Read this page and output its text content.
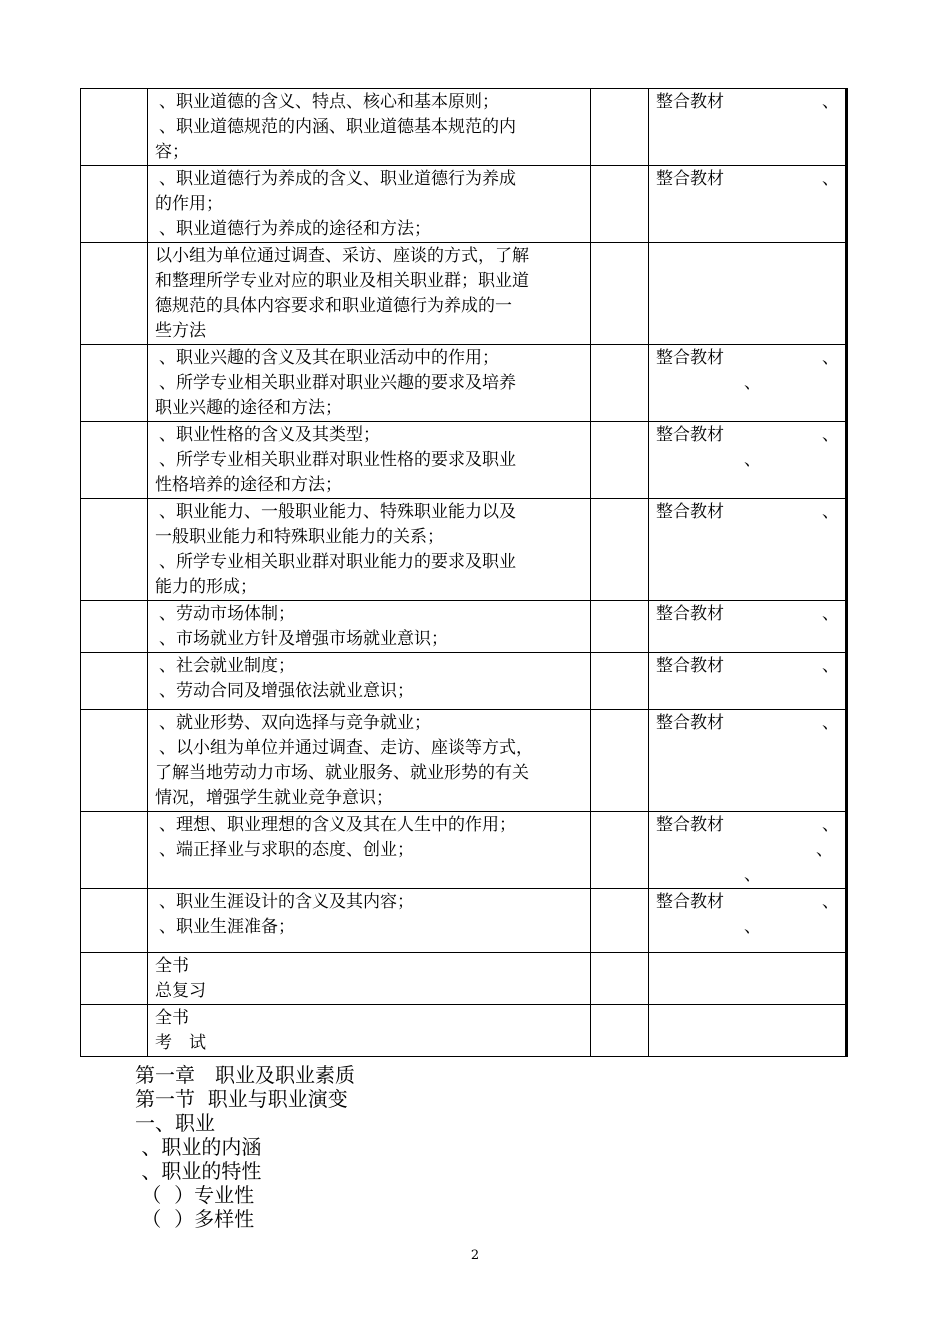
	、职业道德的含义、特点、核心和基本原则；
、职业道德规范的内涵、职业道德基本规范的内
容；		整合教材 、

	、职业道德行为养成的含义、职业道德行为养成
的作用；
、职业道德行为养成的途径和方法；		整合教材 、

	以小组为单位通过调查、采访、座谈的方式，了解
和整理所学专业对应的职业及相关职业群；职业道
德规范的具体内容要求和职业道德行为养成的一
些方法		

	、职业兴趣的含义及其在职业活动中的作用；
、所学专业相关职业群对职业兴趣的要求及培养
职业兴趣的途径和方法；		整合教材 、
、

	、职业性格的含义及其类型；
、所学专业相关职业群对职业性格的要求及职业
性格培养的途径和方法；		整合教材 、
、

	、职业能力、一般职业能力、特殊职业能力以及
一般职业能力和特殊职业能力的关系；
、所学专业相关职业群对职业能力的要求及职业
能力的形成；		整合教材 、

	、劳动市场体制；
、市场就业方针及增强市场就业意识；		整合教材 、

	、社会就业制度；
、劳动合同及增强依法就业意识；		整合教材 、

	、就业形势、双向选择与竞争就业；
、以小组为单位并通过调查、走访、座谈等方式，
了解当地劳动力市场、就业服务、就业形势的有关
情况，增强学生就业竞争意识；		整合教材 、

	、理想、职业理想的含义及其在人生中的作用；
、端正择业与求职的态度、创业；		整合教材 、
、
、

	、职业生涯设计的含义及其内容；
、职业生涯准备；		整合教材 、
、

	全书
总复习		

	全书
考　试		

第一章　职业及职业素质
第一节  职业与职业演变
一、职业
、职业的内涵
、职业的特性
（  ）专业性
（  ）多样性
2
